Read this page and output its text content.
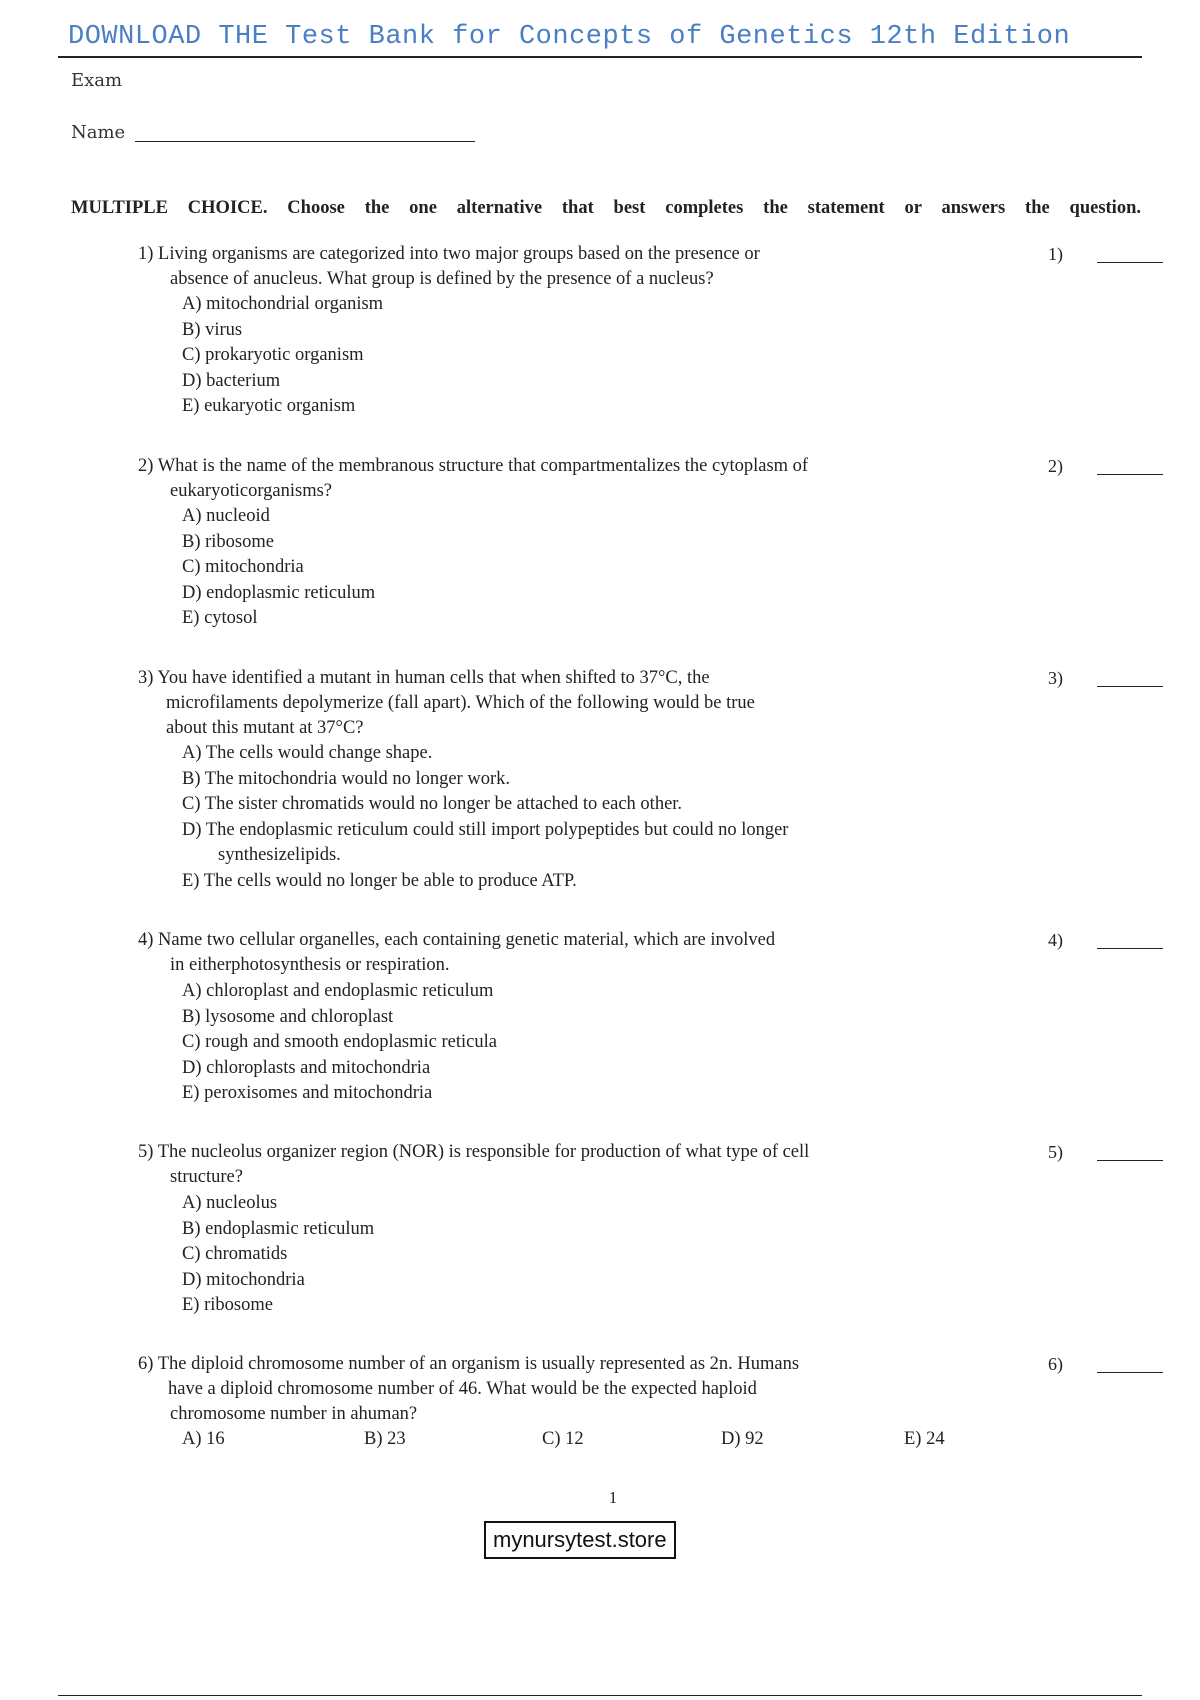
DOWNLOAD THE Test Bank for Concepts of Genetics 12th Edition
Exam
Name
MULTIPLE CHOICE. Choose the one alternative that best completes the statement or answers the question.
1) Living organisms are categorized into two major groups based on the presence or
absence of anucleus. What group is defined by the presence of a nucleus?
1)
A) mitochondrial organism
B) virus
C) prokaryotic organism
D) bacterium
E) eukaryotic organism
2) What is the name of the membranous structure that compartmentalizes the cytoplasm of
eukaryoticorganisms?
2)
A) nucleoid
B) ribosome
C) mitochondria
D) endoplasmic reticulum
E) cytosol
3) You have identified a mutant in human cells that when shifted to 37°C, the
microfilaments depolymerize (fall apart). Which of the following would be true
about this mutant at 37°C?
3)
A) The cells would change shape.
B) The mitochondria would no longer work.
C) The sister chromatids would no longer be attached to each other.
D) The endoplasmic reticulum could still import polypeptides but could no longer
synthesizelipids.
E) The cells would no longer be able to produce ATP.
4) Name two cellular organelles, each containing genetic material, which are involved
in eitherphotosynthesis or respiration.
4)
A) chloroplast and endoplasmic reticulum
B) lysosome and chloroplast
C) rough and smooth endoplasmic reticula
D) chloroplasts and mitochondria
E) peroxisomes and mitochondria
5) The nucleolus organizer region (NOR) is responsible for production of what type of cell
structure?
5)
A) nucleolus
B) endoplasmic reticulum
C) chromatids
D) mitochondria
E) ribosome
6) The diploid chromosome number of an organism is usually represented as 2n. Humans
have a diploid chromosome number of 46. What would be the expected haploid
chromosome number in ahuman?
6)
A) 16	B) 23	C) 12	D) 92	E) 24
1
mynursytest.store
